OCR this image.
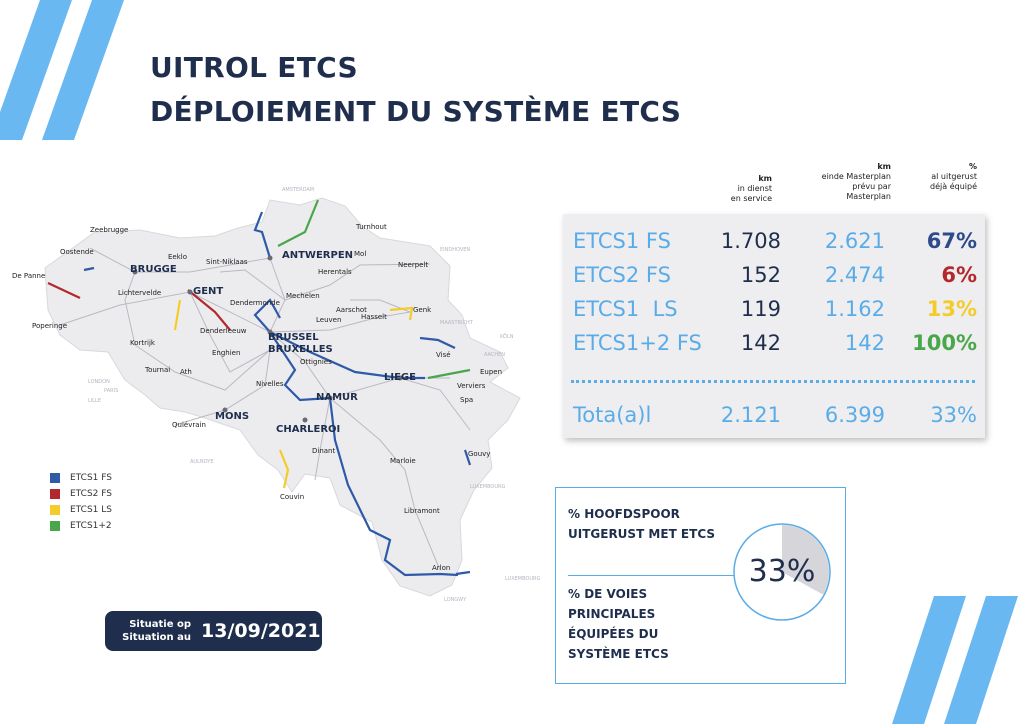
UITROL ETCS
DÉPLOIEMENT DU SYSTÈME ETCS
Zeebrugge
Oostende
De Panne
BRUGGE
Eeklo
Sint-Niklaas
GENT
Lichtervelde
Dendermonde
Poperinge
Denderleeuw
Kortrijk
Enghien
Tournai Ath
MONS
Quiévrain
Nivelles
ANTWERPEN
Turnhout
Mol
Herentals
Neerpelt
Mechelen
Aarschot
Leuven	Hasselt
Genk
Visé
Eupen
Verviers
Spa
LIEGE
NAMUR
Ottignies
CHARLEROI
Dinant
Couvin
Marloie
Gouvy
Libramont
Arlon
BRUSSEL
BRUXELLES
AMSTERDAM
EINDHOVEN
MAASTRICHT
KÖLN
AACHEN
LILLE
LONDON
PARIS
AULNOYE
LUXEMBOURG
LUXEMBOURG
LONGWY
ETCS1 FS
ETCS2 FS
ETCS1 LS
ETCS1+2
Situatie op
Situation au 13/09/2021
km
in dienst
en service
km
einde Masterplan
prévu par
Masterplan
%
al uitgerust
déjà équipé
ETCS1 FS 1.708 2.621 67%
ETCS2 FS	152 2.474	6%
ETCS1  LS	119 1.162 13%
ETCS1+2 FS 142	142 100%
Tota(a)l	2.121 6.399 33%
% HOOFDSPOOR UITGERUST MET ETCS
% DE VOIES PRINCIPALES ÉQUIPÉES DU SYSTÈME ETCS
33%
